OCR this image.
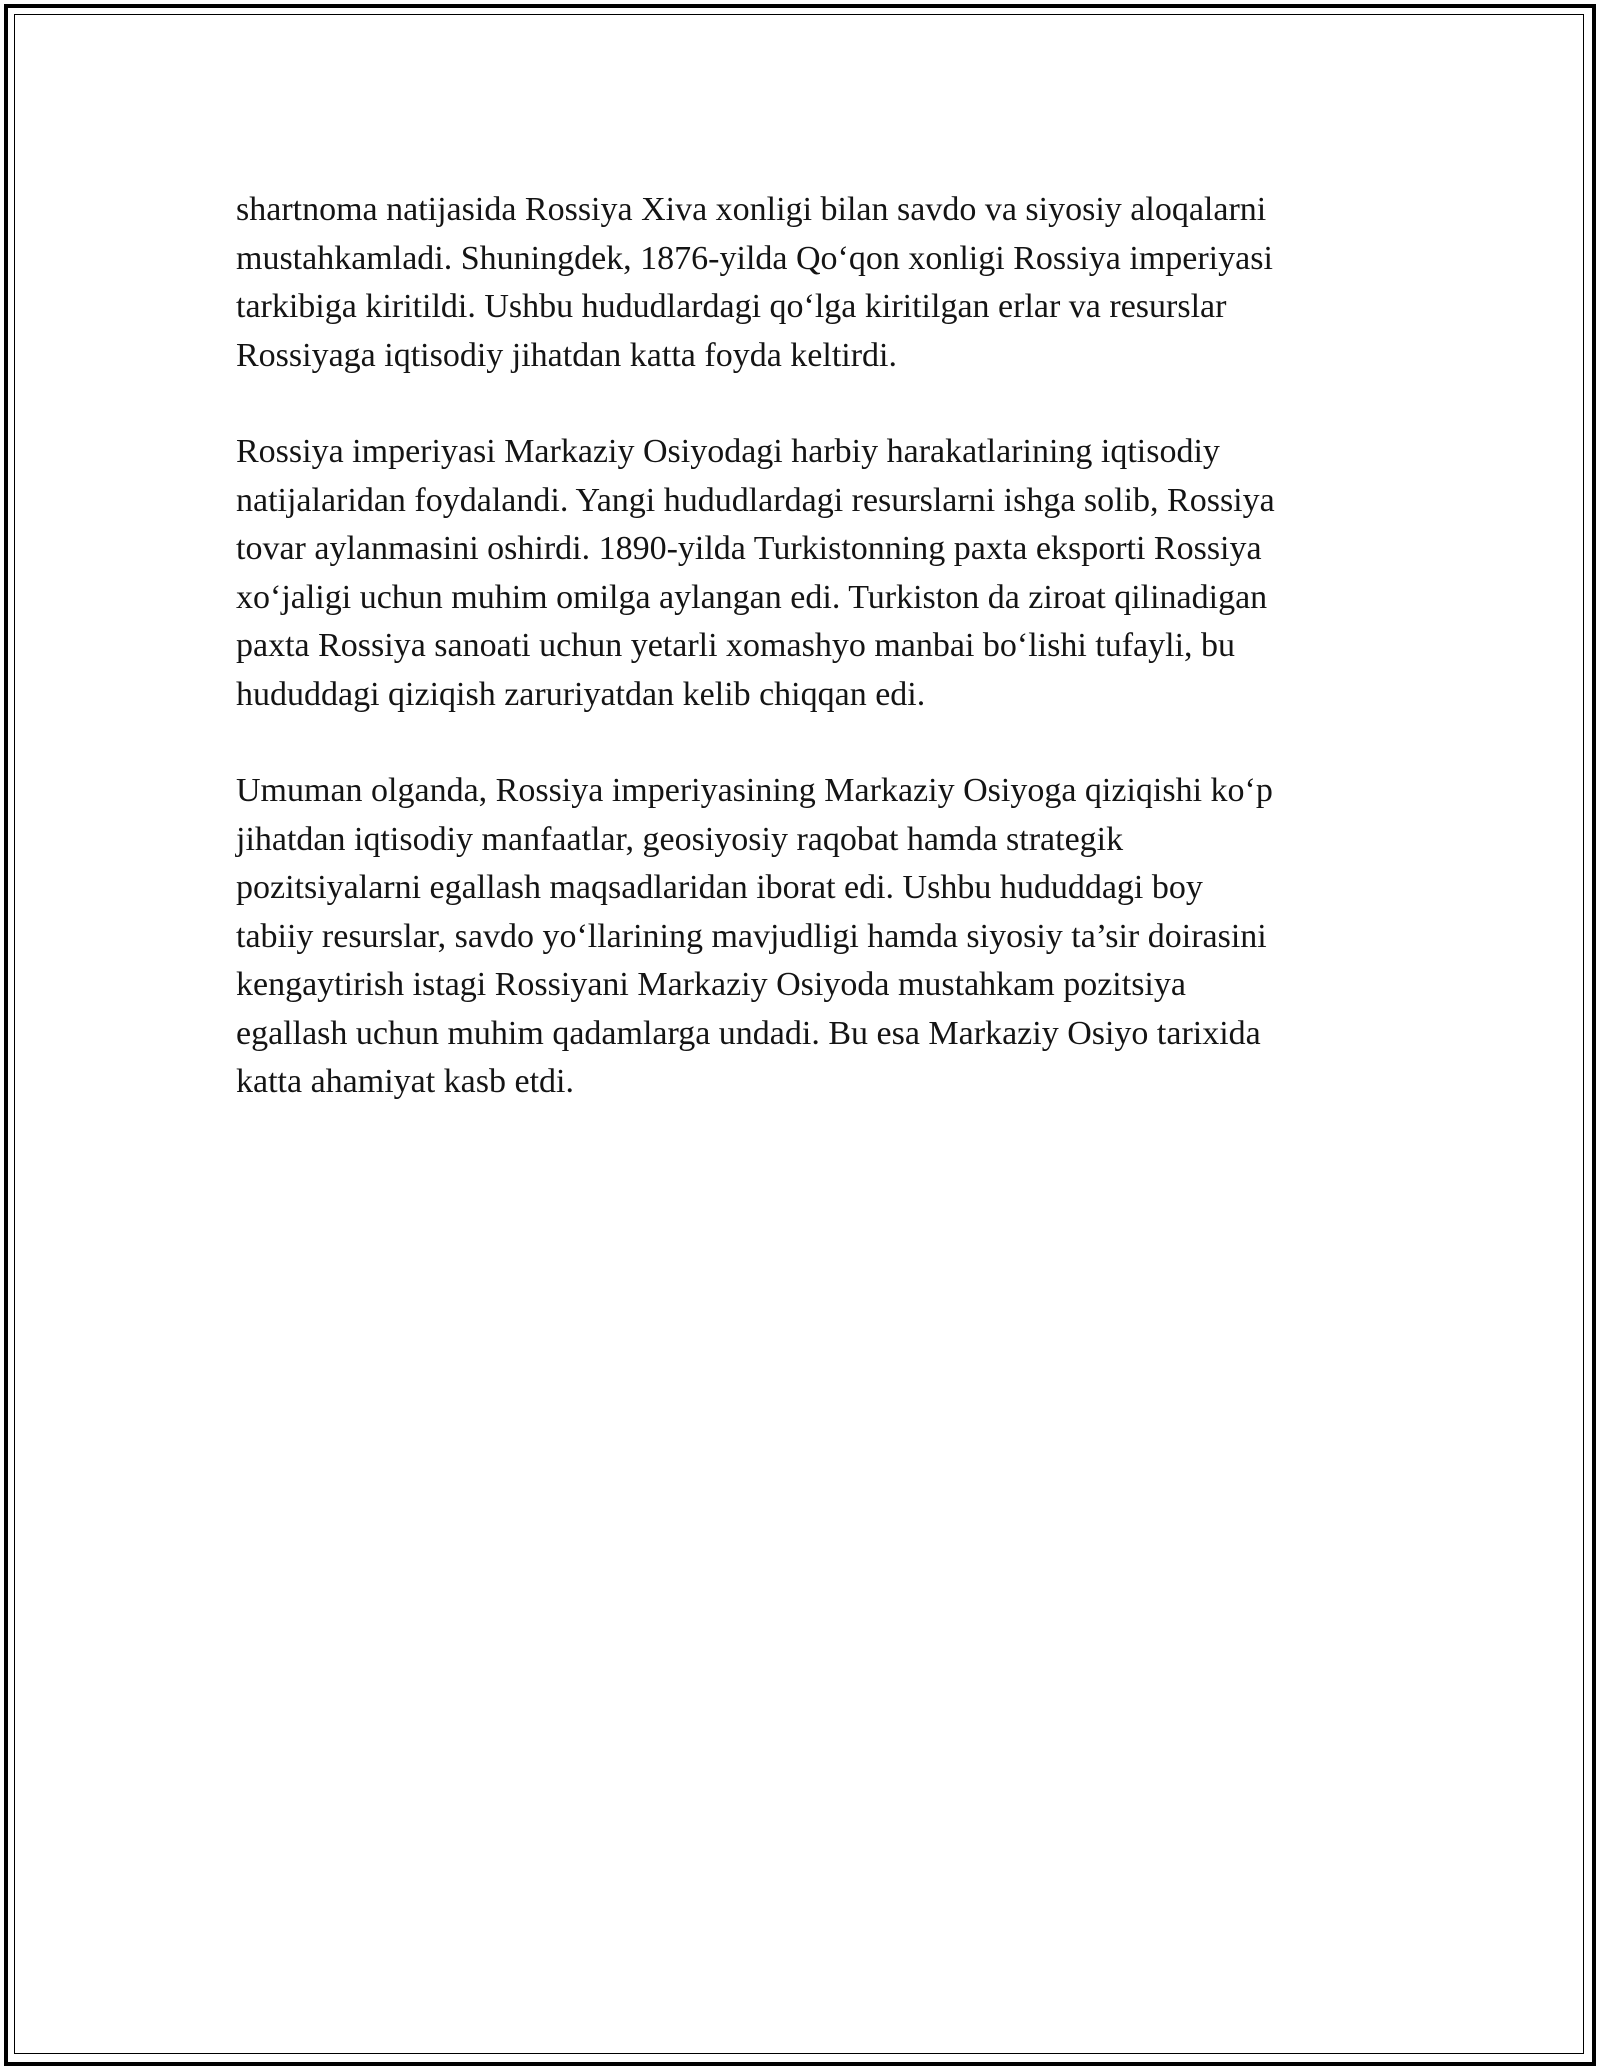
shartnoma natijasida Rossiya Xiva xonligi bilan savdo va siyosiy aloqalarni
mustahkamladi. Shuningdek, 1876-yilda Qo‘qon xonligi Rossiya imperiyasi
tarkibiga kiritildi. Ushbu hududlardagi qo‘lga kiritilgan erlar va resurslar
Rossiyaga iqtisodiy jihatdan katta foyda keltirdi.

Rossiya imperiyasi Markaziy Osiyodagi harbiy harakatlarining iqtisodiy
natijalaridan foydalandi. Yangi hududlardagi resurslarni ishga solib, Rossiya
tovar aylanmasini oshirdi. 1890-yilda Turkistonning paxta eksporti Rossiya
xo‘jaligi uchun muhim omilga aylangan edi. Turkiston da ziroat qilinadigan
paxta Rossiya sanoati uchun yetarli xomashyo manbai bo‘lishi tufayli, bu
hududdagi qiziqish zaruriyatdan kelib chiqqan edi.

Umuman olganda, Rossiya imperiyasining Markaziy Osiyoga qiziqishi ko‘p
jihatdan iqtisodiy manfaatlar, geosiyosiy raqobat hamda strategik
pozitsiyalarni egallash maqsadlaridan iborat edi. Ushbu hududdagi boy
tabiiy resurslar, savdo yo‘llarining mavjudligi hamda siyosiy ta’sir doirasini
kengaytirish istagi Rossiyani Markaziy Osiyoda mustahkam pozitsiya
egallash uchun muhim qadamlarga undadi. Bu esa Markaziy Osiyo tarixida
katta ahamiyat kasb etdi.
